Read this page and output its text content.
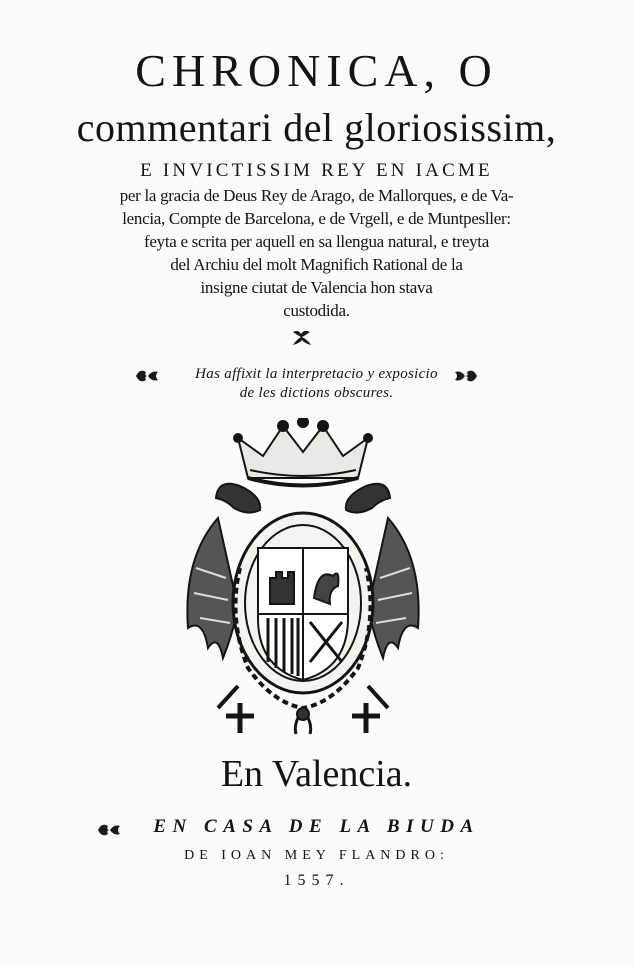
CHRONICA, O
commentari del gloriosissim,
E INVICTISSIM REY EN IACME
per la gracia de Deus Rey de Arago, de Mallorques, e de Va-
lencia, Compte de Barcelona, e de Vrgell, e de Muntpesller:
feyta e scrita per aquell en sa llengua natural, e treyta
del Archiu del molt Magnifich Rational de la
insigne ciutat de Valencia hon stava
custodida.
Has affixit la interpretacio y exposicio
de les dictions obscures.
En Valencia.
EN CASA DE LA BIUDA
DE IOAN MEY FLANDRO:
1557.
